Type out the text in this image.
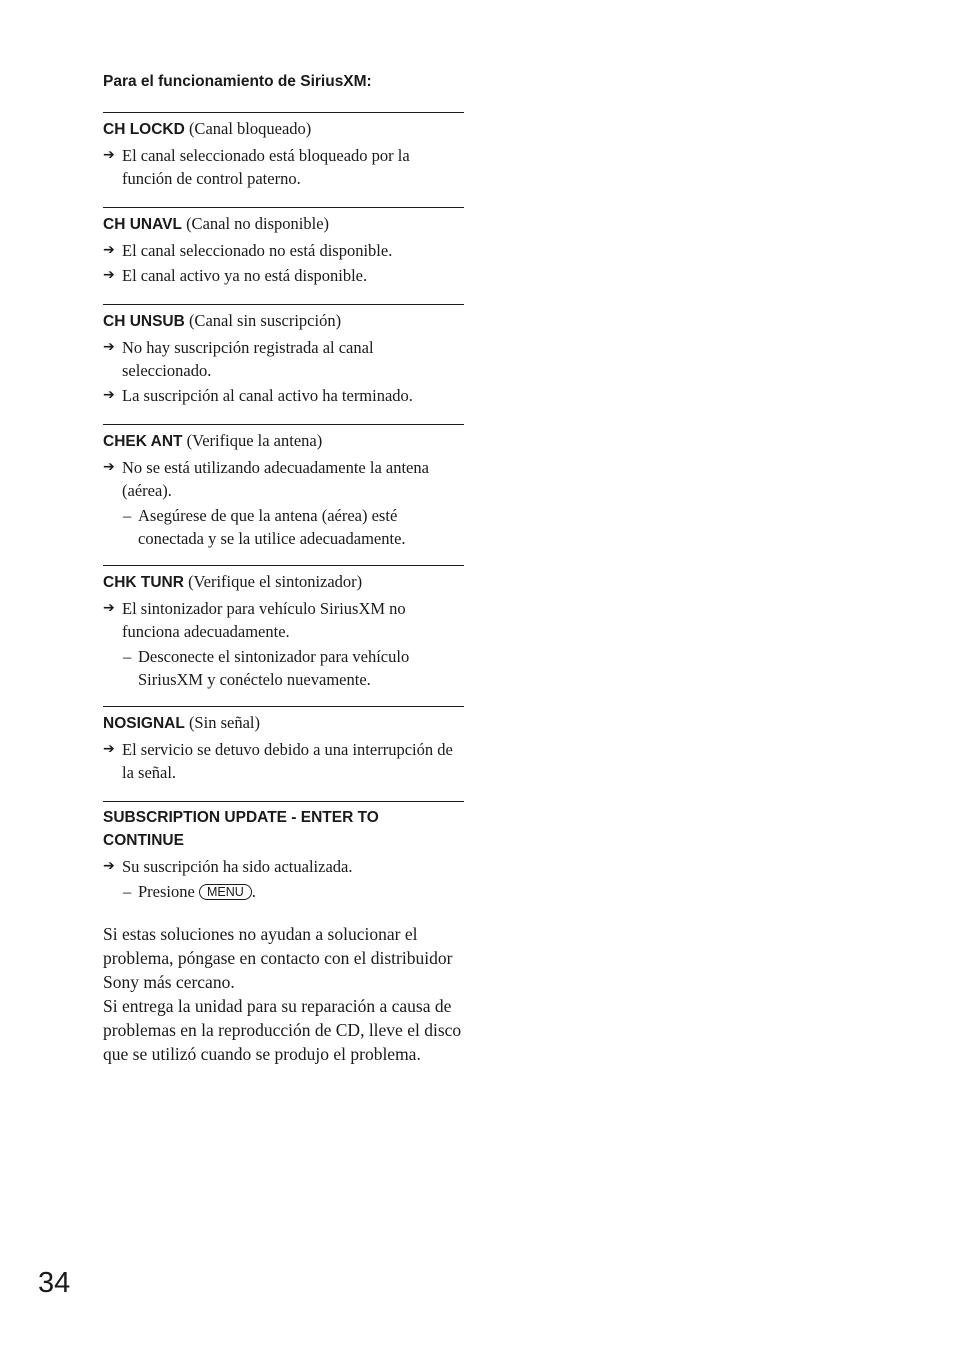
Para el funcionamiento de SiriusXM:
CH LOCKD (Canal bloqueado)
➔ El canal seleccionado está bloqueado por la función de control paterno.
CH UNAVL (Canal no disponible)
➔ El canal seleccionado no está disponible.
➔ El canal activo ya no está disponible.
CH UNSUB (Canal sin suscripción)
➔ No hay suscripción registrada al canal seleccionado.
➔ La suscripción al canal activo ha terminado.
CHEK ANT (Verifique la antena)
➔ No se está utilizando adecuadamente la antena (aérea).
– Asegúrese de que la antena (aérea) esté conectada y se la utilice adecuadamente.
CHK TUNR (Verifique el sintonizador)
➔ El sintonizador para vehículo SiriusXM no funciona adecuadamente.
– Desconecte el sintonizador para vehículo SiriusXM y conéctelo nuevamente.
NOSIGNAL (Sin señal)
➔ El servicio se detuvo debido a una interrupción de la señal.
SUBSCRIPTION UPDATE - ENTER TO CONTINUE
➔ Su suscripción ha sido actualizada.
– Presione MENU .

Si estas soluciones no ayudan a solucionar el problema, póngase en contacto con el distribuidor Sony más cercano.

Si entrega la unidad para su reparación a causa de problemas en la reproducción de CD, lleve el disco que se utilizó cuando se produjo el problema.

34
